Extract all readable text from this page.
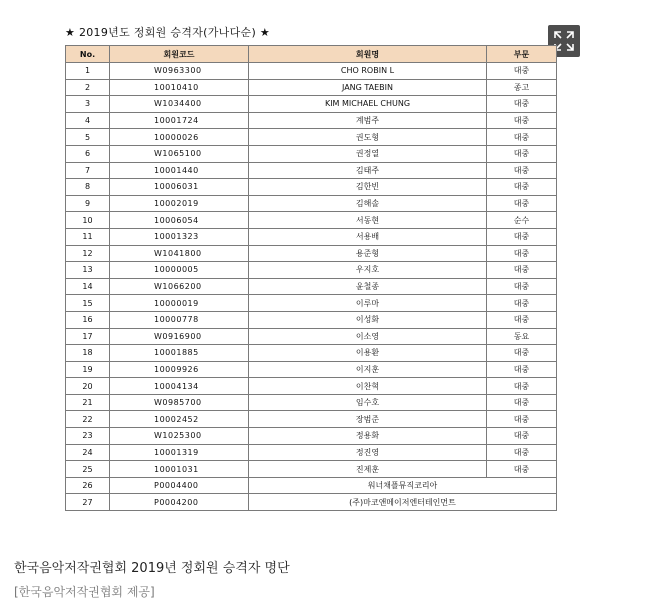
★ 2019년도 정회원 승격자(가나다순) ★
No.	회원코드	회원명	부문
1	W0963300	CHO ROBIN L	대중
2	10010410	JANG TAEBIN	종고
3	W1034400	KIM MICHAEL CHUNG	대중
4	10001724	계범주	대중
5	10000026	권도형	대중
6	W1065100	권정열	대중
7	10001440	김태주	대중
8	10006031	김한빈	대중
9	10002019	김해솔	대중
10	10006054	서동현	순수
11	10001323	서용배	대중
12	W1041800	용준형	대중
13	10000005	우지호	대중
14	W1066200	윤철종	대중
15	10000019	이루마	대중
16	10000778	이성화	대중
17	W0916900	이소영	동요
18	10001885	이용환	대중
19	10009926	이지훈	대중
20	10004134	이찬혁	대중
21	W0985700	임수호	대중
22	10002452	장범준	대중
23	W1025300	정용화	대중
24	10001319	정진영	대중
25	10001031	진제훈	대중
26	P0004400	워너채플뮤직코리아	
27	P0004200	(주)마코앤메이저엔터테인먼트	
한국음악저작권협회 2019년 정회원 승격자 명단
[한국음악저작권협회 제공]
